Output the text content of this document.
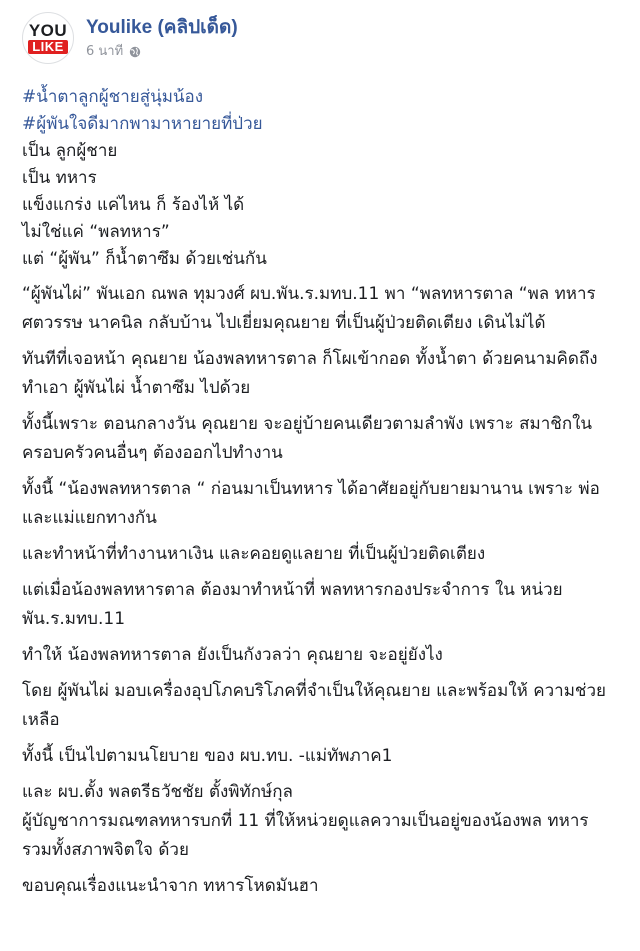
YOU
LIKE
Youlike (คลิปเด็ด)
6 นาที
#น้ำตาลูกผู้ชายสู่นุ่มน้อง
#ผู้พันใจดีมากพามาหายายที่ป่วย
เป็น ลูกผู้ชาย
เป็น ทหาร
แข็งแกร่ง แค่ไหน ก็ ร้องไห้ ได้
ไม่ใช่แค่ “พลทหาร”
แต่ “ผู้พัน” ก็น้ำตาซึม ด้วยเช่นกัน

“ผู้พันไผ่” พันเอก ณพล ทุมวงศ์ ผบ.พัน.ร.มทบ.11 พา “พลทหารตาล “พล ทหาร ศตวรรษ นาคนิล กลับบ้าน ไปเยี่ยมคุณยาย ที่เป็นผู้ป่วยติดเตียง เดินไม่ได้

ทันทีที่เจอหน้า คุณยาย น้องพลทหารตาล ก็โผเข้ากอด ทั้งน้ำตา ด้วยคนามคิดถึง ทำเอา ผู้พันไผ่ น้ำตาซึม ไปด้วย

ทั้งนี้เพราะ ตอนกลางวัน คุณยาย จะอยู่บ้ายคนเดียวตามลำพัง เพราะ สมาชิกในครอบครัวคนอื่นๆ ต้องออกไปทำงาน

ทั้งนี้ “น้องพลทหารตาล “ ก่อนมาเป็นทหาร ได้อาศัยอยู่กับยายมานาน เพราะ พ่อและแม่แยกทางกัน

และทำหน้าที่ทำงานหาเงิน และคอยดูแลยาย ที่เป็นผู้ป่วยติดเตียง

แต่เมื่อน้องพลทหารตาล ต้องมาทำหน้าที่ พลทหารกองประจำการ ใน หน่วย พัน.ร.มทบ.11

ทำให้ น้องพลทหารตาล ยังเป็นกังวลว่า คุณยาย จะอยู่ยังไง

โดย ผู้พันไผ่ มอบเครื่องอุปโภคบริโภคที่จำเป็นให้คุณยาย และพร้อมให้ ความช่วยเหลือ

ทั้งนี้ เป็นไปตามนโยบาย ของ ผบ.ทบ. -แม่ทัพภาค1

และ ผบ.ตั้ง พลตรีธวัชชัย ตั้งพิทักษ์กุล
ผู้บัญชาการมณฑลทหารบกที่ 11 ที่ให้หน่วยดูแลความเป็นอยู่ของน้องพล ทหาร รวมทั้งสภาพจิตใจ ด้วย

ขอบคุณเรื่องแนะนำจาก ทหารโหดมันฮา
